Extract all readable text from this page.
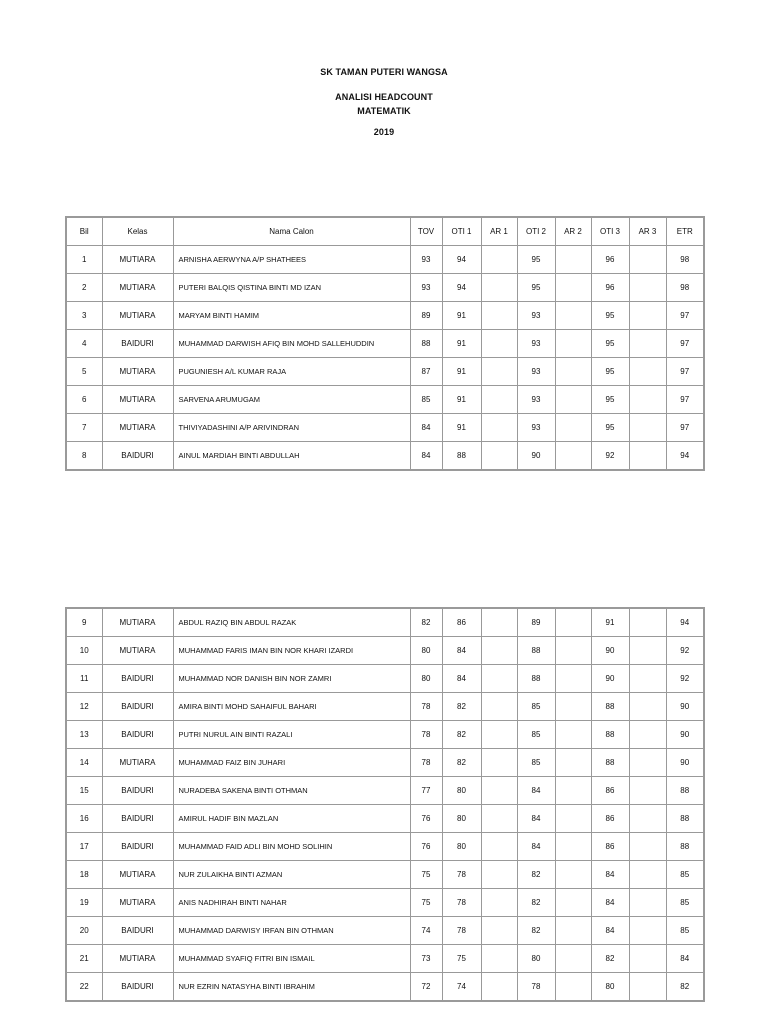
SK TAMAN PUTERI WANGSA
ANALISI HEADCOUNT
MATEMATIK
2019
Bil	Kelas	Nama Calon	TOV	OTI 1	AR 1	OTI 2	AR 2	OTI 3	AR 3	ETR
1	MUTIARA	ARNISHA AERWYNA A/P SHATHEES	93	94		95		96		98
2	MUTIARA	PUTERI BALQIS QISTINA BINTI MD IZAN	93	94		95		96		98
3	MUTIARA	MARYAM BINTI HAMIM	89	91		93		95		97
4	BAIDURI	MUHAMMAD DARWISH AFIQ BIN MOHD SALLEHUDDIN	88	91		93		95		97
5	MUTIARA	PUGUNIESH A/L KUMAR RAJA	87	91		93		95		97
6	MUTIARA	SARVENA ARUMUGAM	85	91		93		95		97
7	MUTIARA	THIVIYADASHINI A/P ARIVINDRAN	84	91		93		95		97
8	BAIDURI	AINUL MARDIAH BINTI ABDULLAH	84	88		90		92		94
9	MUTIARA	ABDUL RAZIQ BIN ABDUL RAZAK	82	86		89		91		94
10	MUTIARA	MUHAMMAD FARIS IMAN BIN NOR KHARI IZARDI	80	84		88		90		92
11	BAIDURI	MUHAMMAD NOR DANISH BIN NOR ZAMRI	80	84		88		90		92
12	BAIDURI	AMIRA BINTI MOHD SAHAIFUL BAHARI	78	82		85		88		90
13	BAIDURI	PUTRI NURUL AIN BINTI RAZALI	78	82		85		88		90
14	MUTIARA	MUHAMMAD FAIZ BIN JUHARI	78	82		85		88		90
15	BAIDURI	NURADEBA SAKENA BINTI OTHMAN	77	80		84		86		88
16	BAIDURI	AMIRUL HADIF BIN MAZLAN	76	80		84		86		88
17	BAIDURI	MUHAMMAD FAID ADLI BIN MOHD SOLIHIN	76	80		84		86		88
18	MUTIARA	NUR ZULAIKHA BINTI AZMAN	75	78		82		84		85
19	MUTIARA	ANIS NADHIRAH BINTI NAHAR	75	78		82		84		85
20	BAIDURI	MUHAMMAD DARWISY IRFAN BIN OTHMAN	74	78		82		84		85
21	MUTIARA	MUHAMMAD SYAFIQ FITRI BIN ISMAIL	73	75		80		82		84
22	BAIDURI	NUR EZRIN NATASYHA BINTI IBRAHIM	72	74		78		80		82
